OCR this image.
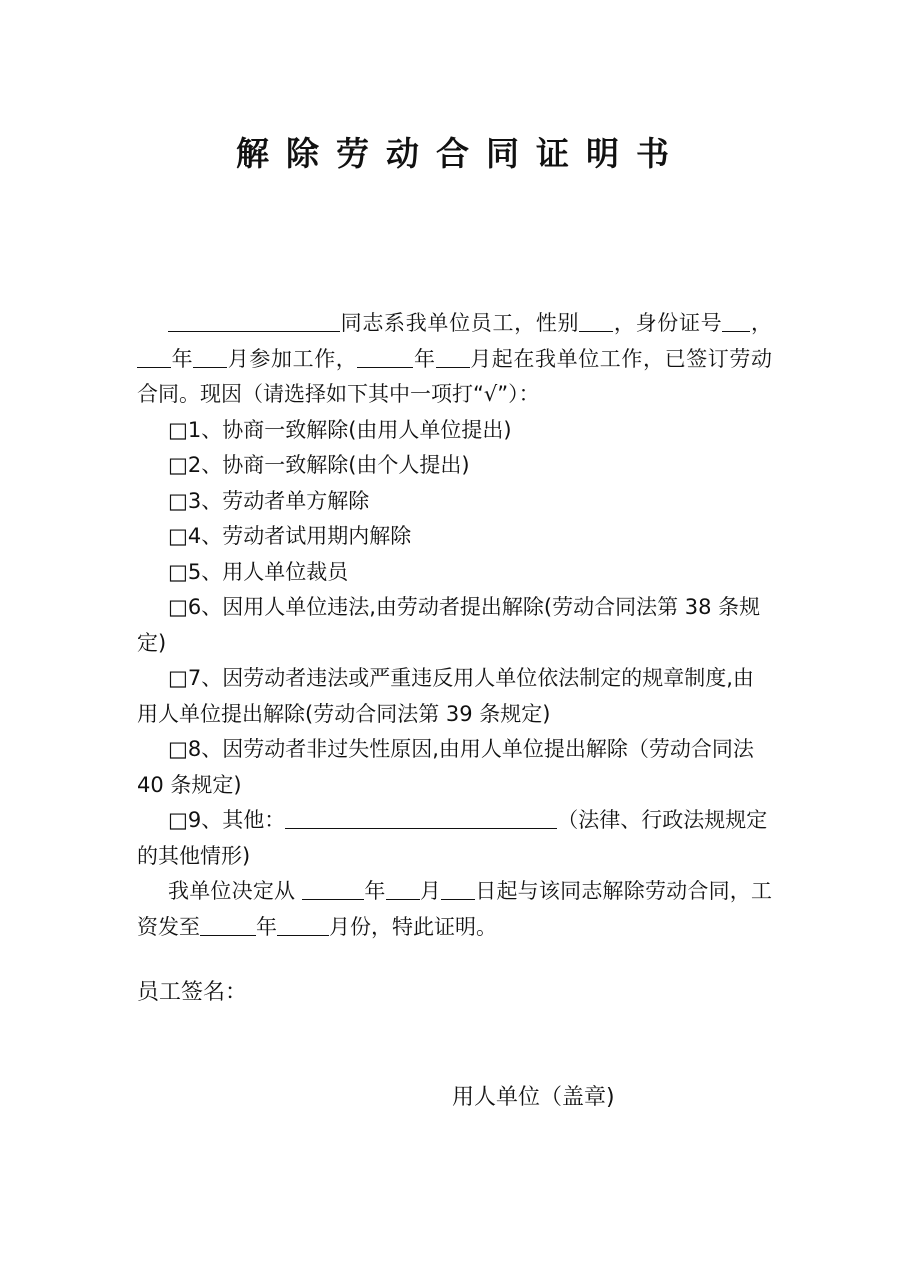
解除劳动合同证明书

同志系我单位员工，性别 ，身份证号 ，年 月参加工作，	年 月起在我单位工作，已签订劳动合同。现因（请选择如下其中一项打“√”）：

□1、协商一致解除(由用人单位提出)

□2、协商一致解除(由个人提出)

□3、劳动者单方解除

□4、劳动者试用期内解除

□5、用人单位裁员

□6、因用人单位违法,由劳动者提出解除(劳动合同法第 38 条规定)

□7、因劳动者违法或严重违反用人单位依法制定的规章制度,由用人单位提出解除(劳动合同法第 39 条规定)

□8、因劳动者非过失性原因,由用人单位提出解除（劳动合同法 40 条规定)

□9、其他：	（法律、行政法规规定的其他情形)

我单位决定从	年 月 日起与该同志解除劳动合同，工资发至	年 月份，特此证明。

员工签名：
用人单位（盖章)
